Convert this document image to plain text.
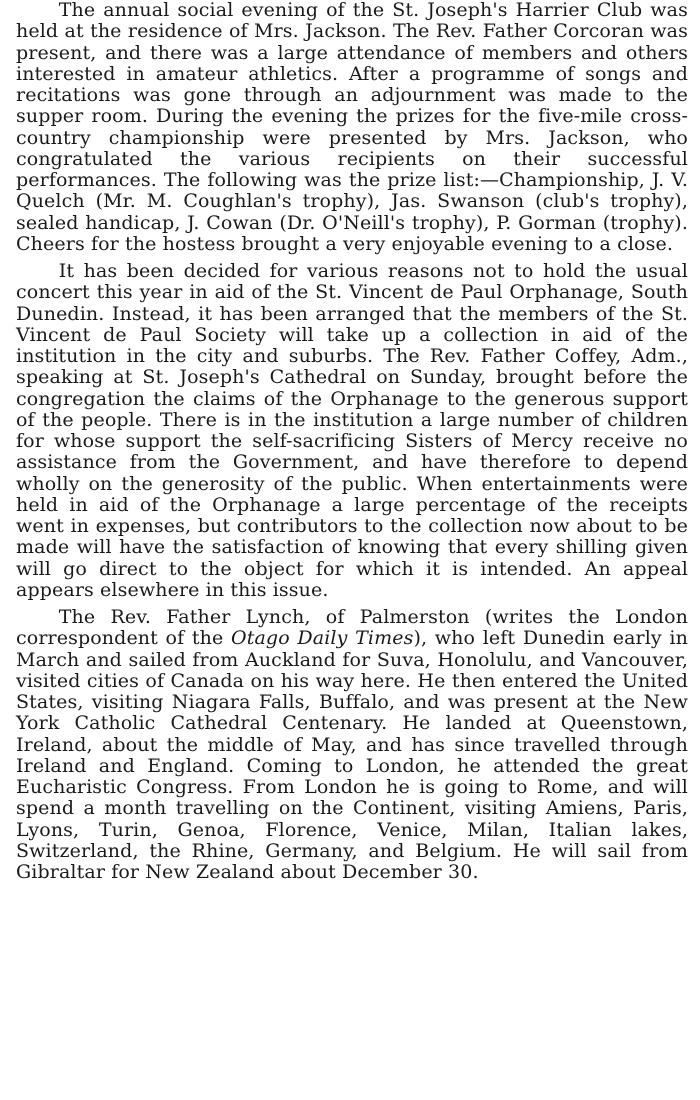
The annual social evening of the St. Joseph's Harrier Club was held at the residence of Mrs. Jackson. The Rev. Father Corcoran was present, and there was a large attendance of members and others interested in amateur athletics. After a programme of songs and recitations was gone through an adjournment was made to the supper room. During the evening the prizes for the five-mile cross-country championship were presented by Mrs. Jackson, who congratulated the various recipients on their successful performances. The following was the prize list:—Championship, J. V. Quelch (Mr. M. Coughlan's trophy), Jas. Swanson (club's trophy), sealed handicap, J. Cowan (Dr. O'Neill's trophy), P. Gorman (trophy). Cheers for the hostess brought a very enjoyable evening to a close.

It has been decided for various reasons not to hold the usual concert this year in aid of the St. Vincent de Paul Orphanage, South Dunedin. Instead, it has been arranged that the members of the St. Vincent de Paul Society will take up a collection in aid of the institution in the city and suburbs. The Rev. Father Coffey, Adm., speaking at St. Joseph's Cathedral on Sunday, brought before the congregation the claims of the Orphanage to the generous support of the people. There is in the institution a large number of children for whose support the self-sacrificing Sisters of Mercy receive no assistance from the Government, and have therefore to depend wholly on the generosity of the public. When entertainments were held in aid of the Orphanage a large percentage of the receipts went in expenses, but contributors to the collection now about to be made will have the satisfaction of knowing that every shilling given will go direct to the object for which it is intended. An appeal appears elsewhere in this issue.

The Rev. Father Lynch, of Palmerston (writes the London correspondent of the Otago Daily Times), who left Dunedin early in March and sailed from Auckland for Suva, Honolulu, and Vancouver, visited cities of Canada on his way here. He then entered the United States, visiting Niagara Falls, Buffalo, and was present at the New York Catholic Cathedral Centenary. He landed at Queenstown, Ireland, about the middle of May, and has since travelled through Ireland and England. Coming to London, he attended the great Eucharistic Congress. From London he is going to Rome, and will spend a month travelling on the Continent, visiting Amiens, Paris, Lyons, Turin, Genoa, Florence, Venice, Milan, Italian lakes, Switzerland, the Rhine, Germany, and Belgium. He will sail from Gibraltar for New Zealand about December 30.
